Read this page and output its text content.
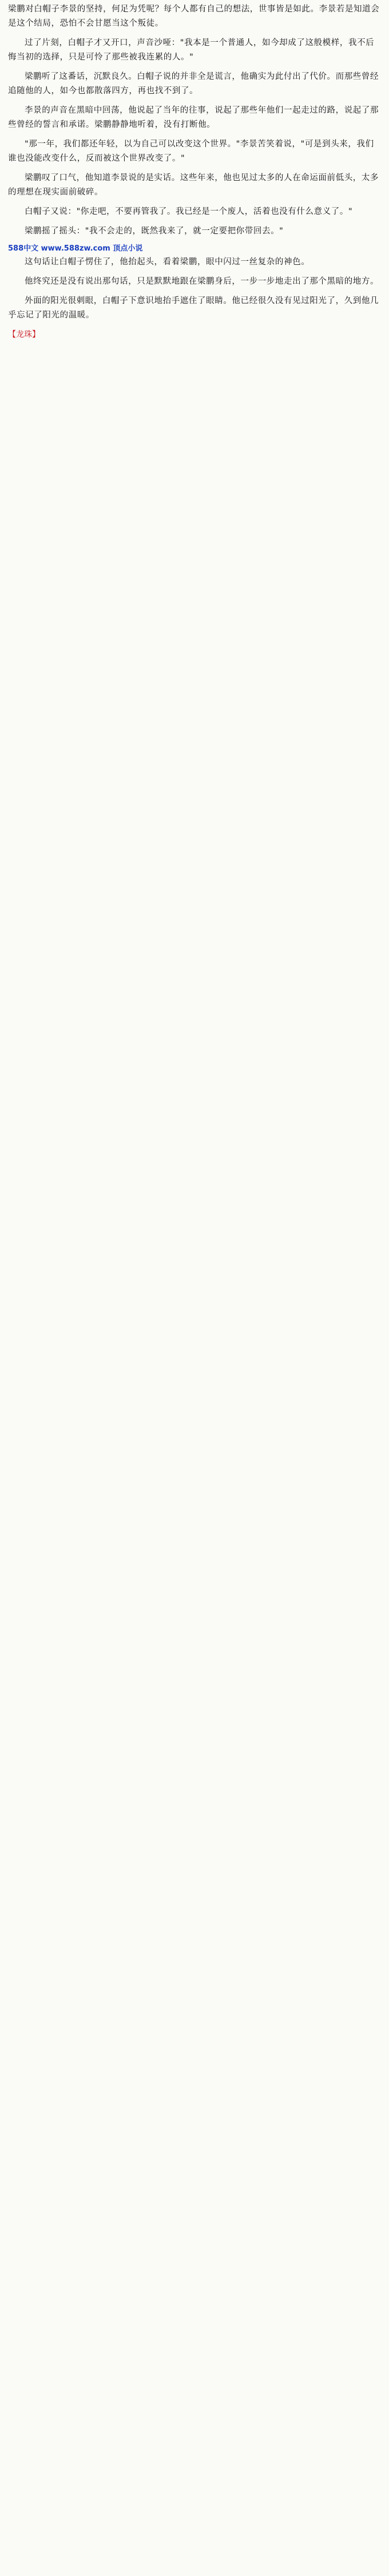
梁鹏对白帽子李景的坚持，何足为凭呢？每个人都有自己的想法，世事皆是如此。李景若是知道会是这个结局，恐怕不会甘愿当这个叛徒。

过了片刻，白帽子才又开口，声音沙哑："我本是一个普通人，如今却成了这般模样，我不后悔当初的选择，只是可怜了那些被我连累的人。"

梁鹏听了这番话，沉默良久。白帽子说的并非全是谎言，他确实为此付出了代价。而那些曾经追随他的人，如今也都散落四方，再也找不到了。

李景的声音在黑暗中回荡，他说起了当年的往事，说起了那些年他们一起走过的路，说起了那些曾经的誓言和承诺。梁鹏静静地听着，没有打断他。

"那一年，我们都还年轻，以为自己可以改变这个世界。"李景苦笑着说，"可是到头来，我们谁也没能改变什么，反而被这个世界改变了。"

梁鹏叹了口气，他知道李景说的是实话。这些年来，他也见过太多的人在命运面前低头，太多的理想在现实面前破碎。

白帽子又说："你走吧，不要再管我了。我已经是一个废人，活着也没有什么意义了。"

梁鹏摇了摇头："我不会走的，既然我来了，就一定要把你带回去。"

588中文 www.588zw.com 顶点小说

这句话让白帽子愣住了，他抬起头，看着梁鹏，眼中闪过一丝复杂的神色。

他终究还是没有说出那句话，只是默默地跟在梁鹏身后，一步一步地走出了那个黑暗的地方。

外面的阳光很刺眼，白帽子下意识地抬手遮住了眼睛。他已经很久没有见过阳光了，久到他几乎忘记了阳光的温暖。

【龙珠】
